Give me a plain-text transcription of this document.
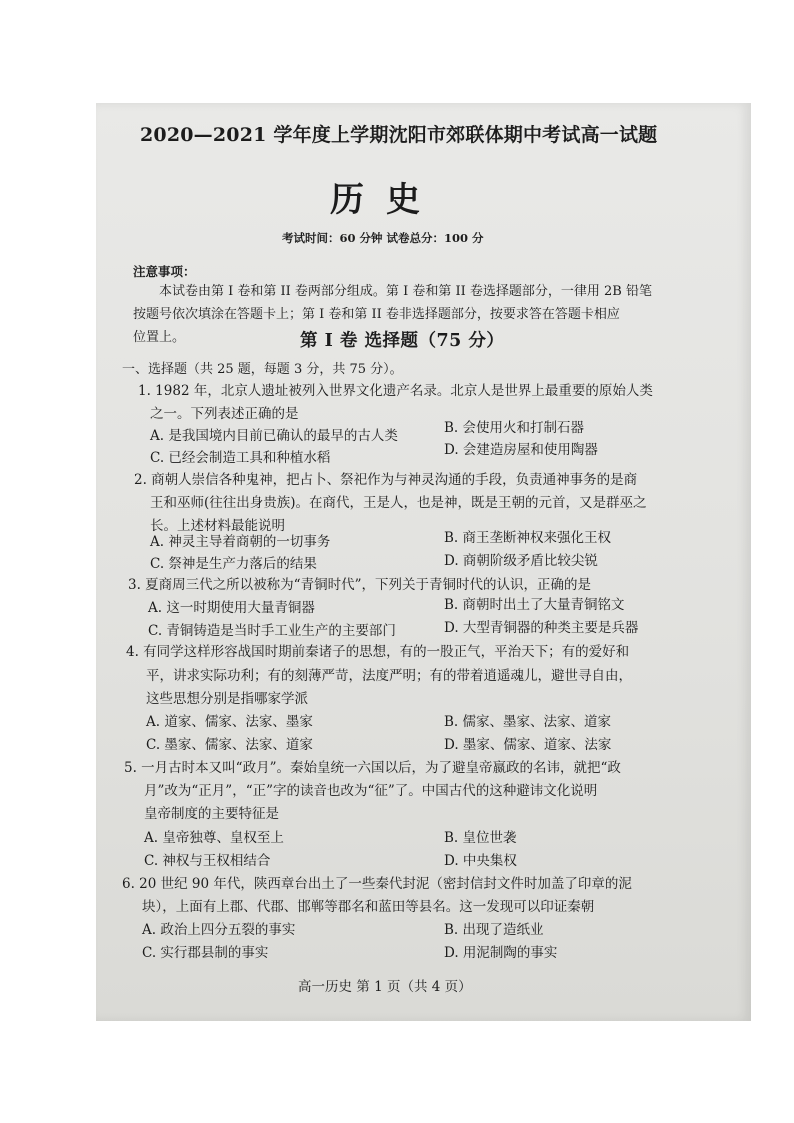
2020—2021 学年度上学期沈阳市郊联体期中考试高一试题
历史
考试时间：60 分钟 试卷总分：100 分
注意事项：

本试卷由第 I 卷和第 II 卷两部分组成。第 I 卷和第 II 卷选择题部分，一律用 2B 铅笔

按题号依次填涂在答题卡上；第 I 卷和第 II 卷非选择题部分，按要求答在答题卡相应

位置上。	第 I 卷 选择题（75 分）
一、选择题（共 25 题，每题 3 分，共 75 分）。
1. 1982 年，北京人遗址被列入世界文化遗产名录。北京人是世界上最重要的原始人类
之一。下列表述正确的是
A. 是我国境内目前已确认的最早的古人类	B. 会使用火和打制石器
C. 已经会制造工具和种植水稻	D. 会建造房屋和使用陶器
2. 商朝人崇信各种鬼神，把占卜、祭祀作为与神灵沟通的手段，负责通神事务的是商
王和巫师(往往出身贵族)。在商代，王是人，也是神，既是王朝的元首，又是群巫之
长。上述材料最能说明
A. 神灵主导着商朝的一切事务	B. 商王垄断神权来强化王权
C. 祭神是生产力落后的结果	D. 商朝阶级矛盾比较尖锐
3. 夏商周三代之所以被称为“青铜时代”，下列关于青铜时代的认识，正确的是
A. 这一时期使用大量青铜器	B. 商朝时出土了大量青铜铭文
C. 青铜铸造是当时手工业生产的主要部门	D. 大型青铜器的种类主要是兵器
4. 有同学这样形容战国时期前秦诸子的思想，有的一股正气，平治天下；有的爱好和
平，讲求实际功利；有的刻薄严苛，法度严明；有的带着逍遥魂儿，避世寻自由，
这些思想分别是指哪家学派
A. 道家、儒家、法家、墨家	B. 儒家、墨家、法家、道家
C. 墨家、儒家、法家、道家	D. 墨家、儒家、道家、法家
5. 一月古时本又叫“政月”。秦始皇统一六国以后，为了避皇帝嬴政的名讳，就把“政
月”改为“正月”，“正”字的读音也改为“征”了。中国古代的这种避讳文化说明
皇帝制度的主要特征是
A. 皇帝独尊、皇权至上	B. 皇位世袭
C. 神权与王权相结合	D. 中央集权
6. 20 世纪 90 年代，陕西章台出土了一些秦代封泥（密封信封文件时加盖了印章的泥
块），上面有上郡、代郡、邯郸等郡名和蓝田等县名。这一发现可以印证秦朝
A. 政治上四分五裂的事实	B. 出现了造纸业
C. 实行郡县制的事实	D. 用泥制陶的事实
高一历史 第 1 页（共 4 页）
